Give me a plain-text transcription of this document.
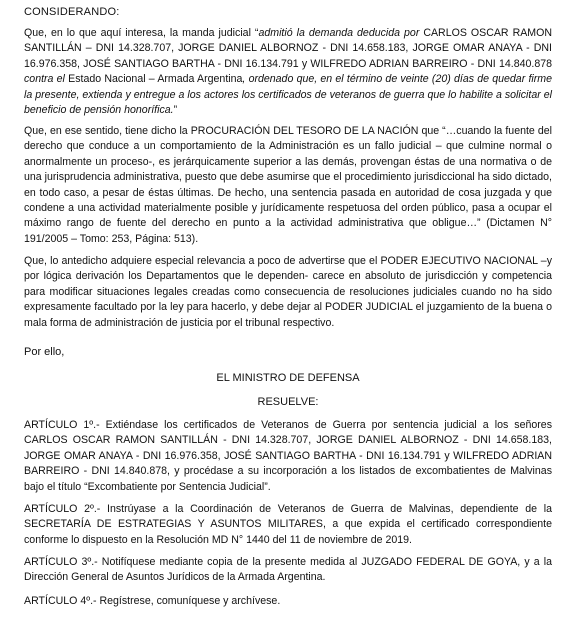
CONSIDERANDO:

Que, en lo que aquí interesa, la manda judicial “admitió la demanda deducida por CARLOS OSCAR RAMON SANTILLÁN – DNI 14.328.707, JORGE DANIEL ALBORNOZ - DNI 14.658.183, JORGE OMAR ANAYA - DNI 16.976.358, JOSÉ SANTIAGO BARTHA - DNI 16.134.791 y WILFREDO ADRIAN BARREIRO - DNI 14.840.878 contra el Estado Nacional – Armada Argentina, ordenado que, en el término de veinte (20) días de quedar firme la presente, extienda y entregue a los actores los certificados de veteranos de guerra que lo habilite a solicitar el beneficio de pensión honorífica.”

Que, en ese sentido, tiene dicho la PROCURACIÓN DEL TESORO DE LA NACIÓN que “…cuando la fuente del derecho que conduce a un comportamiento de la Administración es un fallo judicial – que culmine normal o anormalmente un proceso-, es jerárquicamente superior a las demás, provengan éstas de una normativa o de una jurisprudencia administrativa, puesto que debe asumirse que el procedimiento jurisdiccional ha sido dictado, en todo caso, a pesar de éstas últimas. De hecho, una sentencia pasada en autoridad de cosa juzgada y que condene a una actividad materialmente posible y jurídicamente respetuosa del orden público, pasa a ocupar el máximo rango de fuente del derecho en punto a la actividad administrativa que obligue…” (Dictamen N° 191/2005 – Tomo: 253, Página: 513).

Que, lo antedicho adquiere especial relevancia a poco de advertirse que el PODER EJECUTIVO NACIONAL –y por lógica derivación los Departamentos que le dependen- carece en absoluto de jurisdicción y competencia para modificar situaciones legales creadas como consecuencia de resoluciones judiciales cuando no ha sido expresamente facultado por la ley para hacerlo, y debe dejar al PODER JUDICIAL el juzgamiento de la buena o mala forma de administración de justicia por el tribunal respectivo.

Por ello,
EL MINISTRO DE DEFENSA
RESUELVE:

ARTÍCULO 1º.- Extiéndase los certificados de Veteranos de Guerra por sentencia judicial a los señores CARLOS OSCAR RAMON SANTILLÁN - DNI 14.328.707, JORGE DANIEL ALBORNOZ - DNI 14.658.183, JORGE OMAR ANAYA - DNI 16.976.358, JOSÉ SANTIAGO BARTHA - DNI 16.134.791 y WILFREDO ADRIAN BARREIRO - DNI 14.840.878, y procédase a su incorporación a los listados de excombatientes de Malvinas bajo el título “Excombatiente por Sentencia Judicial”.

ARTÍCULO 2º.- Instrúyase a la Coordinación de Veteranos de Guerra de Malvinas, dependiente de la SECRETARÍA DE ESTRATEGIAS Y ASUNTOS MILITARES, a que expida el certificado correspondiente conforme lo dispuesto en la Resolución MD N° 1440 del 11 de noviembre de 2019.

ARTÍCULO 3º.- Notifíquese mediante copia de la presente medida al JUZGADO FEDERAL DE GOYA, y a la Dirección General de Asuntos Jurídicos de la Armada Argentina.

ARTÍCULO 4º.- Regístrese, comuníquese y archívese.
